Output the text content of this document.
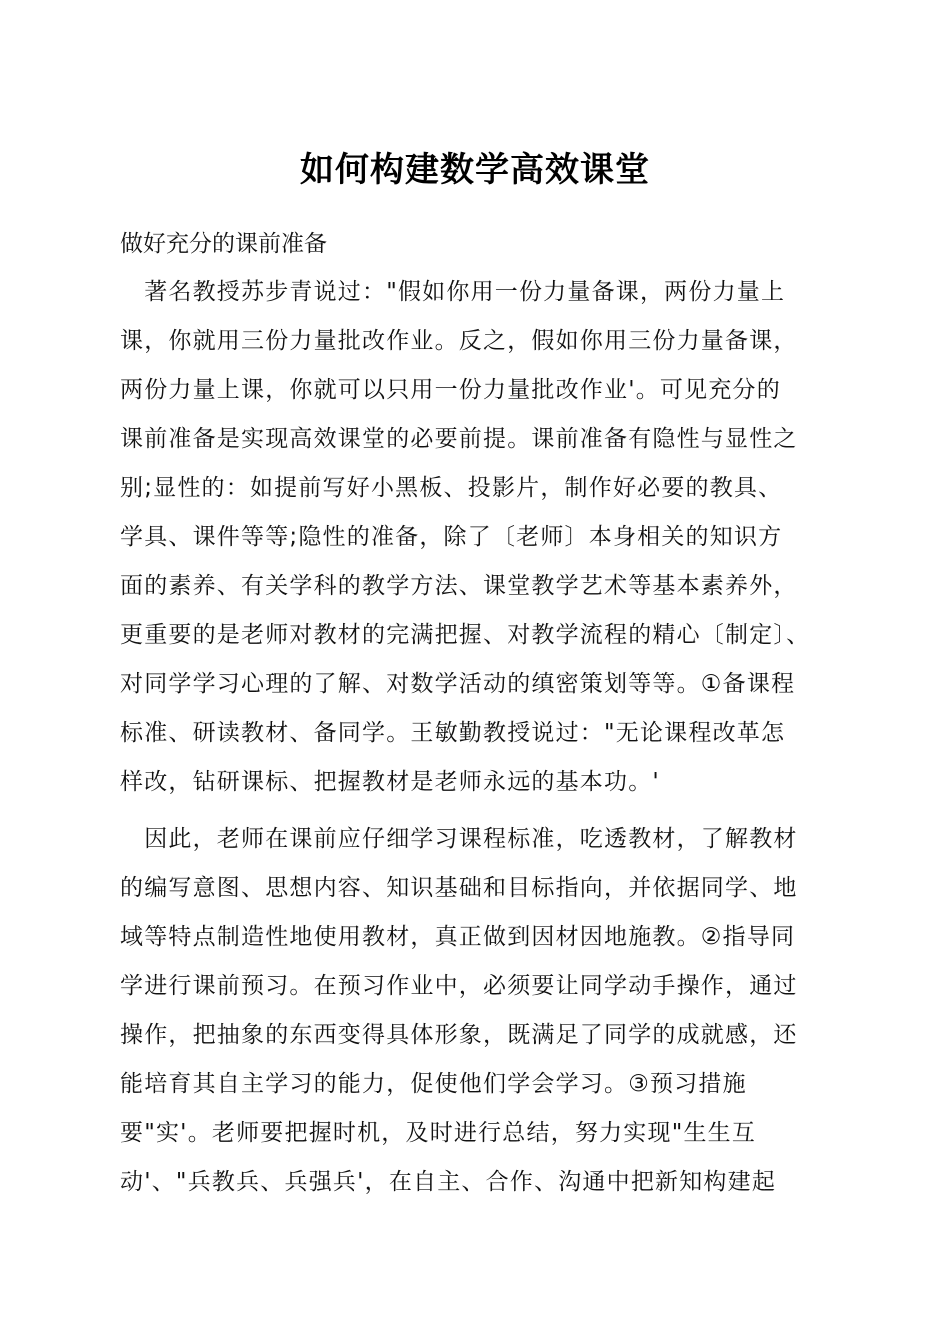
如何构建数学高效课堂
做好充分的课前准备
　著名教授苏步青说过："假如你用一份力量备课，两份力量上
课，你就用三份力量批改作业。反之，假如你用三份力量备课，
两份力量上课，你就可以只用一份力量批改作业'。可见充分的
课前准备是实现高效课堂的必要前提。课前准备有隐性与显性之
别;显性的：如提前写好小黑板、投影片，制作好必要的教具、
学具、课件等等;隐性的准备，除了〔老师〕本身相关的知识方
面的素养、有关学科的教学方法、课堂教学艺术等基本素养外，
更重要的是老师对教材的完满把握、对教学流程的精心〔制定〕、
对同学学习心理的了解、对数学活动的缜密策划等等。①备课程
标准、研读教材、备同学。王敏勤教授说过："无论课程改革怎
样改，钻研课标、把握教材是老师永远的基本功。'
　因此，老师在课前应仔细学习课程标准，吃透教材，了解教材
的编写意图、思想内容、知识基础和目标指向，并依据同学、地
域等特点制造性地使用教材，真正做到因材因地施教。②指导同
学进行课前预习。在预习作业中，必须要让同学动手操作，通过
操作，把抽象的东西变得具体形象，既满足了同学的成就感，还
能培育其自主学习的能力，促使他们学会学习。③预习措施
要"实'。老师要把握时机，及时进行总结，努力实现"生生互
动'、"兵教兵、兵强兵'，在自主、合作、沟通中把新知构建起
